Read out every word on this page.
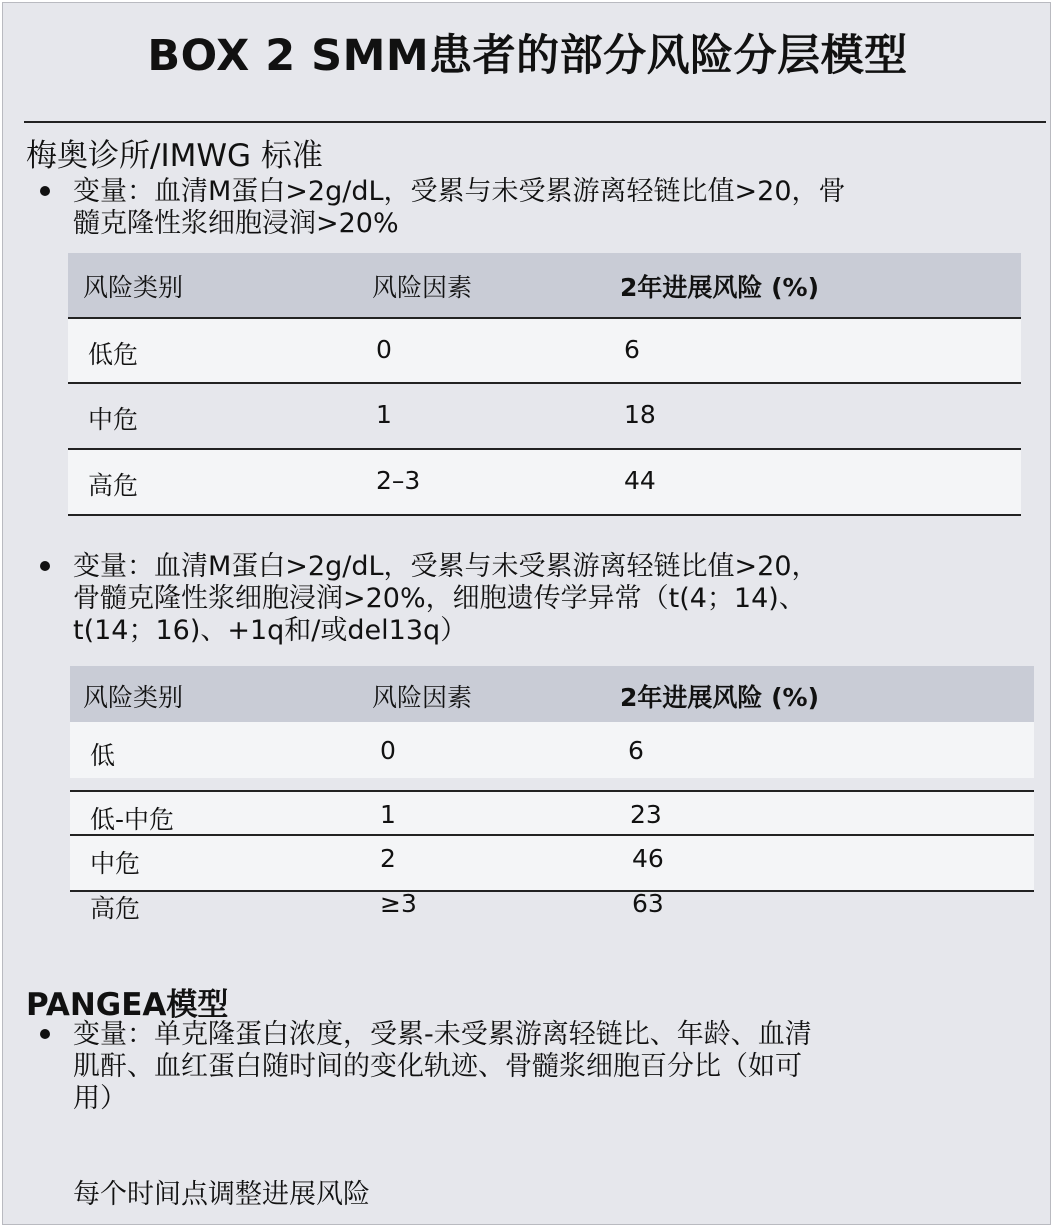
BOX 2 SMM患者的部分风险分层模型
梅奥诊所/IMWG 标准
变量：血清M蛋白>2g/dL，受累与未受累游离轻链比值>20，骨
髓克隆性浆细胞浸润>20%
风险类别	风险因素	2年进展风险 (%)
低危	0	6
中危	1	18
高危	2–3	44
变量：血清M蛋白>2g/dL，受累与未受累游离轻链比值>20，
骨髓克隆性浆细胞浸润>20%，细胞遗传学异常（t(4；14)、
t(14；16)、+1q和/或del13q）
风险类别	风险因素	2年进展风险 (%)
低	0	6
低-中危	1	23
中危	2	46
高危	≥3	63
PANGEA模型
变量：单克隆蛋白浓度，受累-未受累游离轻链比、年龄、血清
肌酐、血红蛋白随时间的变化轨迹、骨髓浆细胞百分比（如可
用）
每个时间点调整进展风险
